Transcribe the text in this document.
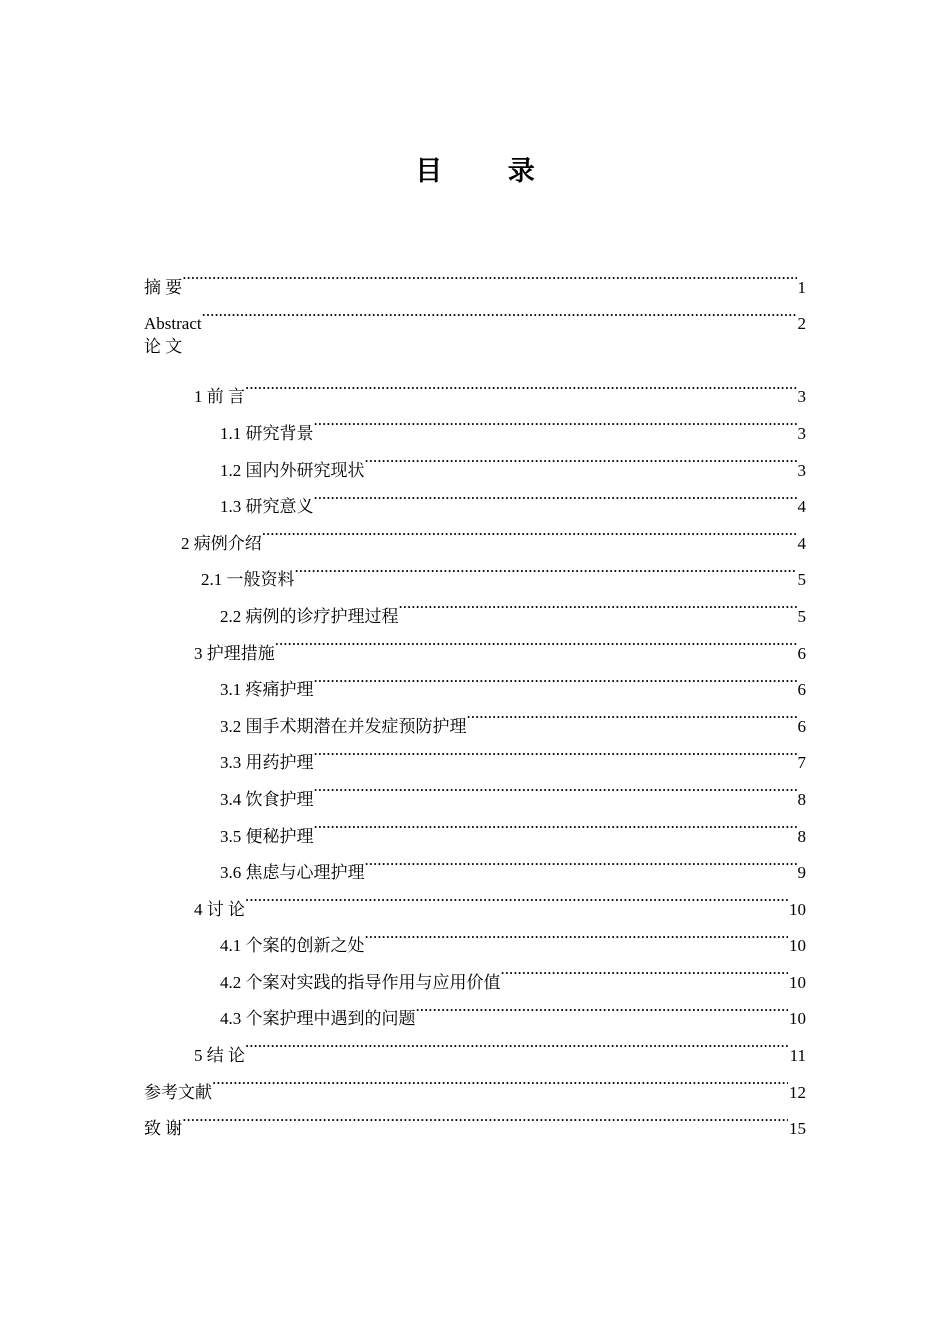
目 录
摘 要 .....	1
Abstract .....	2
论 文
1 前 言 .....	3
1.1 研究背景 .....	3
1.2 国内外研究现状 .....	3
1.3 研究意义 .....	4
2 病例介绍 .....	4
2.1 一般资料 .....	5
2.2 病例的诊疗护理过程 .....	5
3 护理措施 .....	6
3.1 疼痛护理 .....	6
3.2 围手术期潜在并发症预防护理 .....	6
3.3 用药护理 .....	7
3.4 饮食护理 .....	8
3.5 便秘护理 .....	8
3.6 焦虑与心理护理 .....	9
4 讨 论 .....	10
4.1 个案的创新之处 .....	10
4.2 个案对实践的指导作用与应用价值 .....	10
4.3 个案护理中遇到的问题 .....	10
5 结 论 .....	11
参考文献 .....	12
致 谢 .....	15
